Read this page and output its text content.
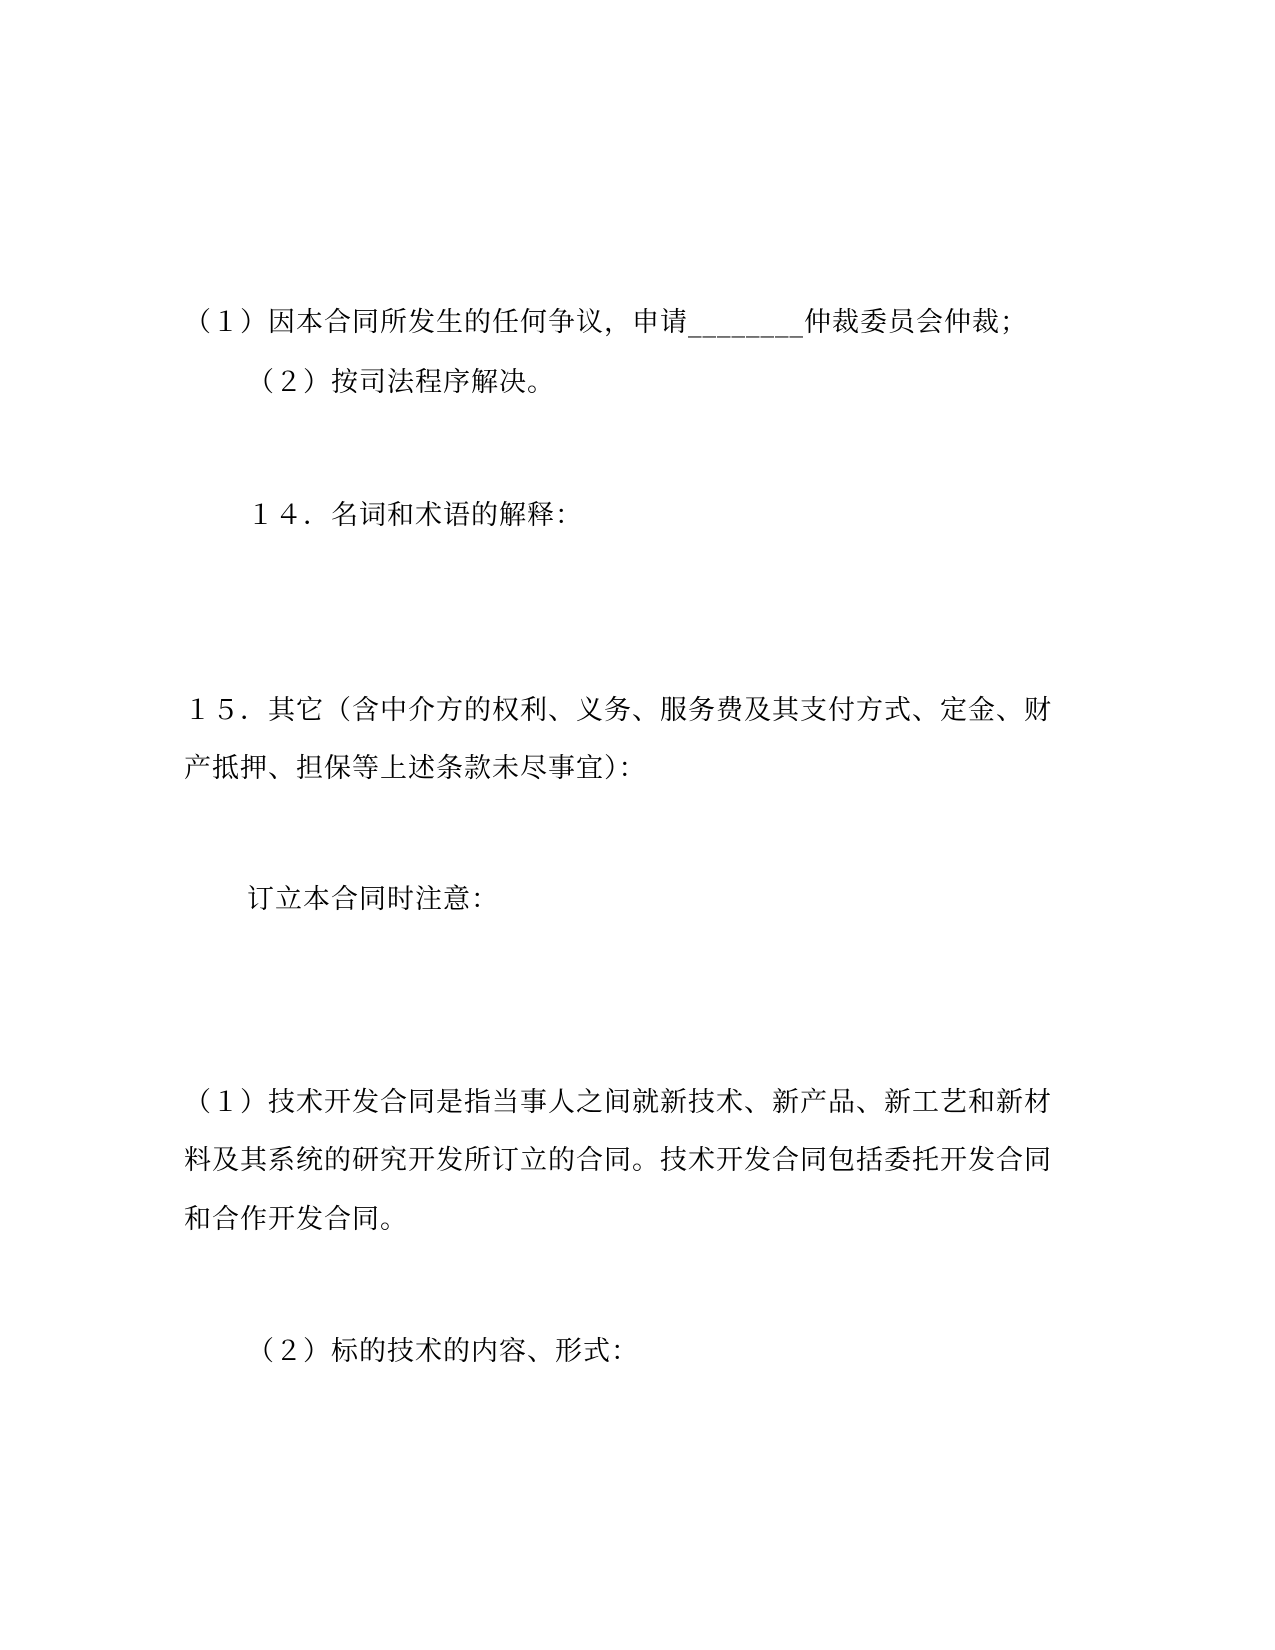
（１）因本合同所发生的任何争议，申请________仲裁委员会仲裁；
（２）按司法程序解决。
１４．名词和术语的解释：
１５．其它（含中介方的权利、义务、服务费及其支付方式、定金、财
产抵押、担保等上述条款未尽事宜）：
订立本合同时注意：
（１）技术开发合同是指当事人之间就新技术、新产品、新工艺和新材
料及其系统的研究开发所订立的合同。技术开发合同包括委托开发合同
和合作开发合同。
（２）标的技术的内容、形式：
